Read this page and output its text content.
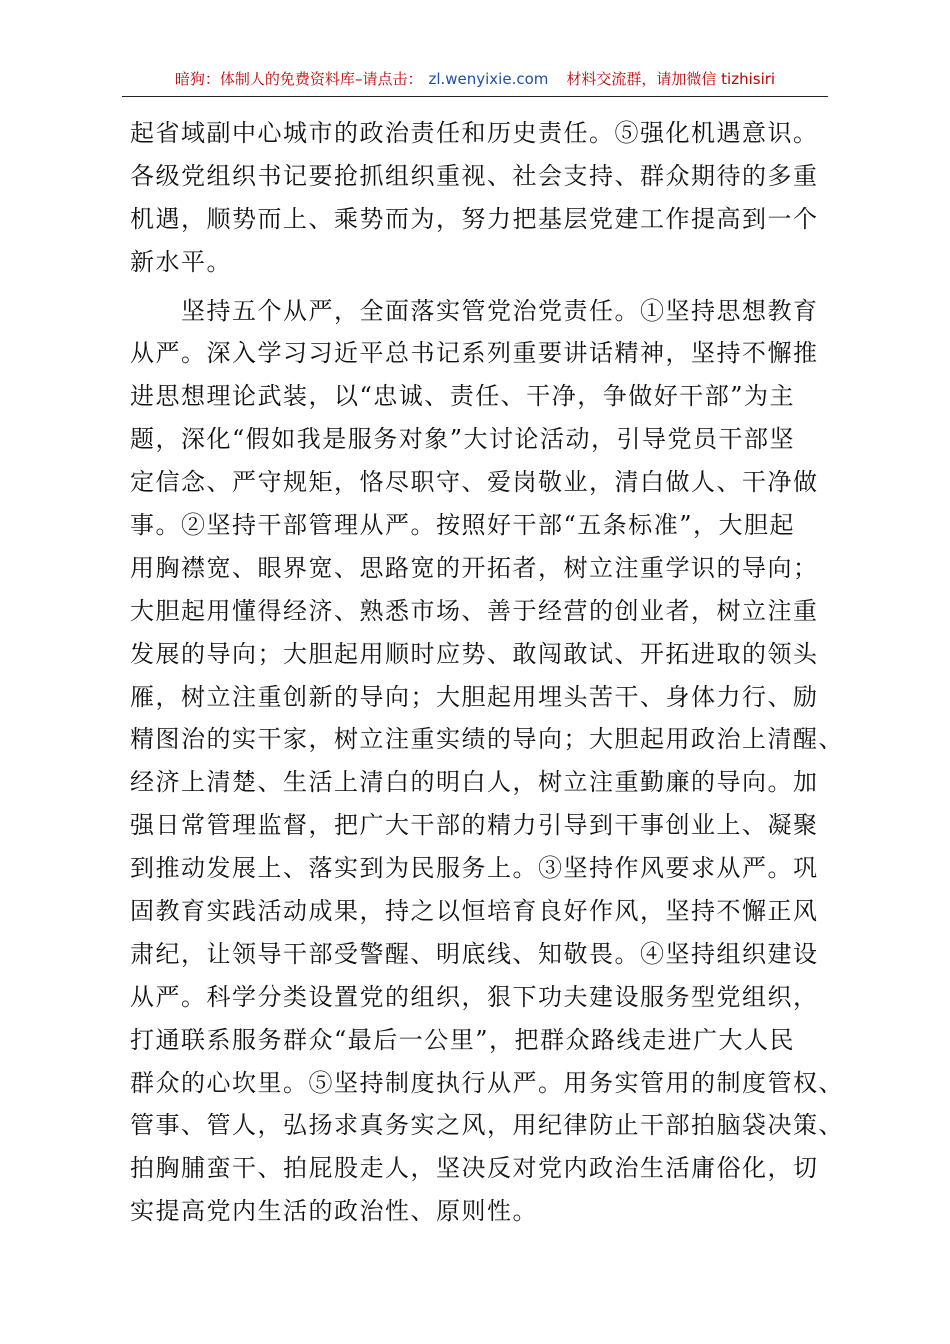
暗狗：体制人的免费资料库–请点击： zl.wenyixie.com 材料交流群，请加微信 tizhisiri
起省域副中心城市的政治责任和历史责任。⑤强化机遇意识。
各级党组织书记要抢抓组织重视、社会支持、群众期待的多重
机遇，顺势而上、乘势而为，努力把基层党建工作提高到一个
新水平。
坚持五个从严，全面落实管党治党责任。①坚持思想教育
从严。深入学习习近平总书记系列重要讲话精神，坚持不懈推
进思想理论武装，以“忠诚、责任、干净，争做好干部”为主
题，深化“假如我是服务对象”大讨论活动，引导党员干部坚
定信念、严守规矩，恪尽职守、爱岗敬业，清白做人、干净做
事。②坚持干部管理从严。按照好干部“五条标准”，大胆起
用胸襟宽、眼界宽、思路宽的开拓者，树立注重学识的导向；
大胆起用懂得经济、熟悉市场、善于经营的创业者，树立注重
发展的导向；大胆起用顺时应势、敢闯敢试、开拓进取的领头
雁，树立注重创新的导向；大胆起用埋头苦干、身体力行、励
精图治的实干家，树立注重实绩的导向；大胆起用政治上清醒、
经济上清楚、生活上清白的明白人，树立注重勤廉的导向。加
强日常管理监督，把广大干部的精力引导到干事创业上、凝聚
到推动发展上、落实到为民服务上。③坚持作风要求从严。巩
固教育实践活动成果，持之以恒培育良好作风，坚持不懈正风
肃纪，让领导干部受警醒、明底线、知敬畏。④坚持组织建设
从严。科学分类设置党的组织，狠下功夫建设服务型党组织，
打通联系服务群众“最后一公里”，把群众路线走进广大人民
群众的心坎里。⑤坚持制度执行从严。用务实管用的制度管权、
管事、管人，弘扬求真务实之风，用纪律防止干部拍脑袋决策、
拍胸脯蛮干、拍屁股走人，坚决反对党内政治生活庸俗化，切
实提高党内生活的政治性、原则性。
